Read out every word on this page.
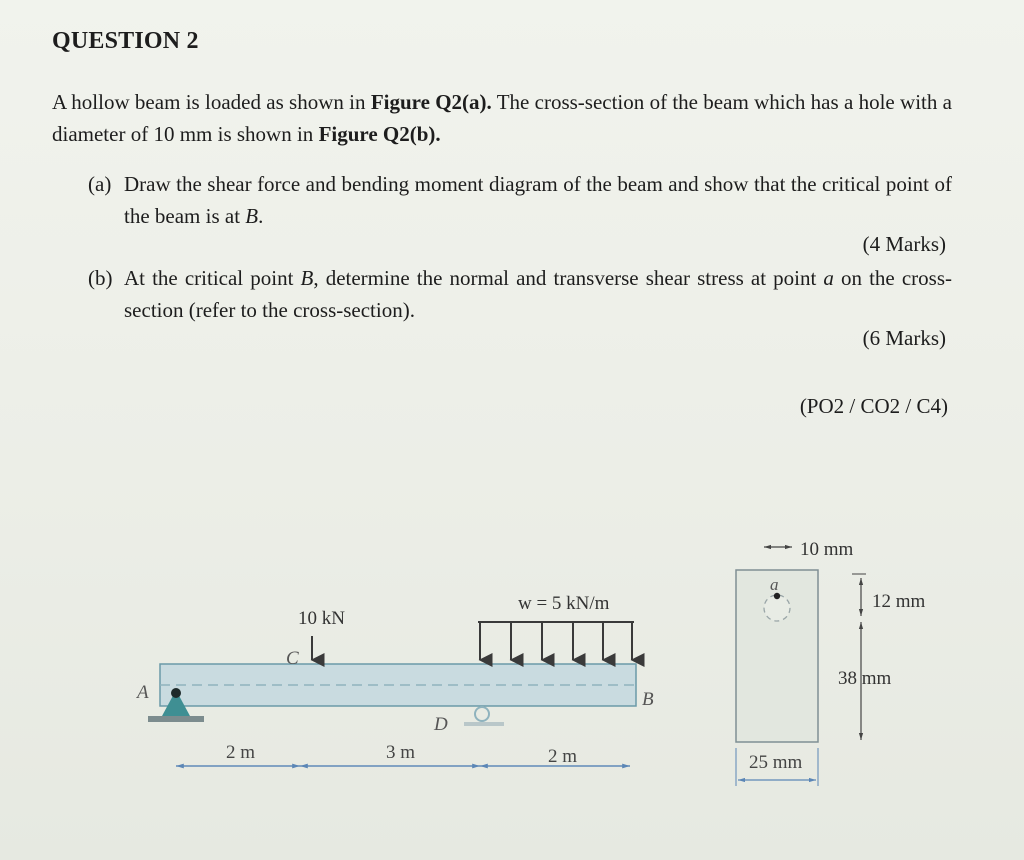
QUESTION 2
A hollow beam is loaded as shown in Figure Q2(a). The cross-section of the beam which has a hole with a diameter of 10 mm is shown in Figure Q2(b).
(a) Draw the shear force and bending moment diagram of the beam and show that the critical point of the beam is at B.
(4 Marks)
(b) At the critical point B, determine the normal and transverse shear stress at point a on the cross-section (refer to the cross-section).
(6 Marks)
(PO2 / CO2 / C4)
A
10 kN
C
w = 5 kN/m
B
D
2 m	3 m	2 m
a
10 mm
12 mm
38 mm
25 mm
